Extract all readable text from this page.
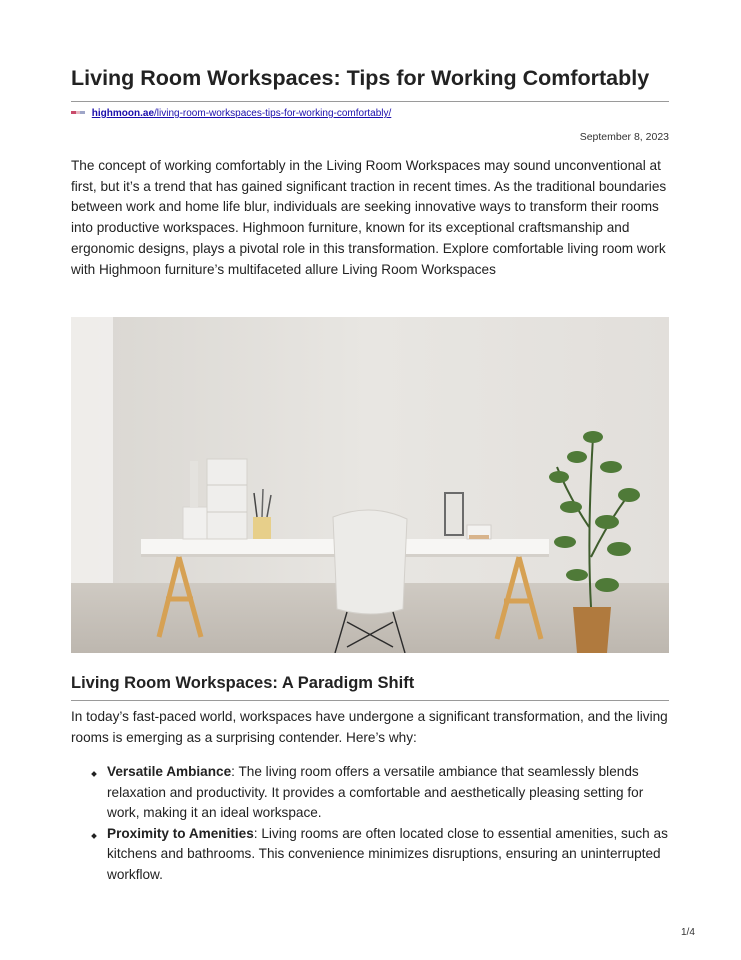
Living Room Workspaces: Tips for Working Comfortably
highmoon.ae/living-room-workspaces-tips-for-working-comfortably/
September 8, 2023

The concept of working comfortably in the Living Room Workspaces may sound unconventional at first, but it’s a trend that has gained significant traction in recent times. As the traditional boundaries between work and home life blur, individuals are seeking innovative ways to transform their rooms into productive workspaces. Highmoon furniture, known for its exceptional craftsmanship and ergonomic designs, plays a pivotal role in this transformation. Explore comfortable living room work with Highmoon furniture’s multifaceted allure Living Room Workspaces

Living Room Workspaces: A Paradigm Shift

In today’s fast-paced world, workspaces have undergone a significant transformation, and the living rooms is emerging as a surprising contender. Here’s why:

Versatile Ambiance: The living room offers a versatile ambiance that seamlessly blends relaxation and productivity. It provides a comfortable and aesthetically pleasing setting for work, making it an ideal workspace.
Proximity to Amenities: Living rooms are often located close to essential amenities, such as kitchens and bathrooms. This convenience minimizes disruptions, ensuring an uninterrupted workflow.
1/4
